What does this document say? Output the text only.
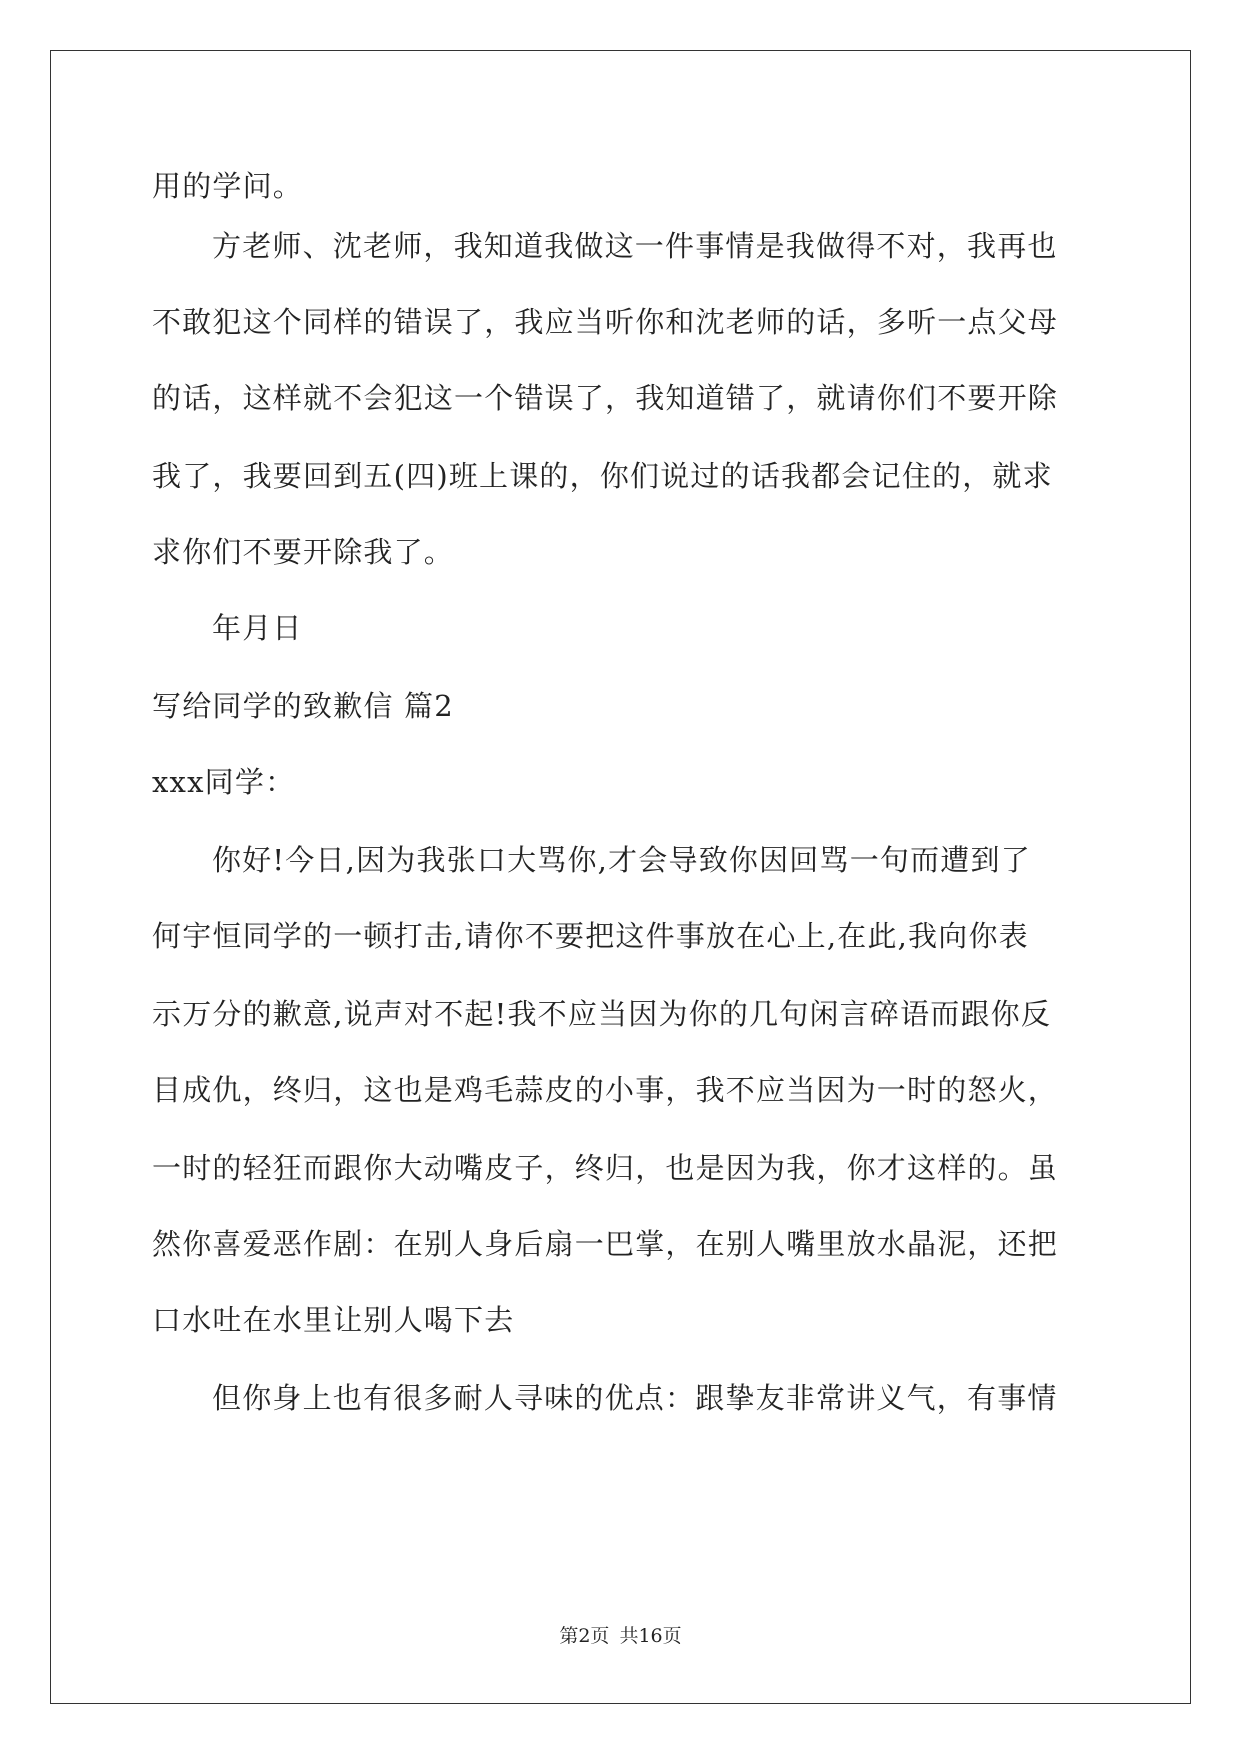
用的学问。
方老师、沈老师，我知道我做这一件事情是我做得不对，我再也
不敢犯这个同样的错误了，我应当听你和沈老师的话，多听一点父母
的话，这样就不会犯这一个错误了，我知道错了，就请你们不要开除
我了，我要回到五(四)班上课的，你们说过的话我都会记住的，就求
求你们不要开除我了。
年月日
写给同学的致歉信 篇2
xxx同学：
你好!今日,因为我张口大骂你,才会导致你因回骂一句而遭到了
何宇恒同学的一顿打击,请你不要把这件事放在心上,在此,我向你表
示万分的歉意,说声对不起!我不应当因为你的几句闲言碎语而跟你反
目成仇，终归，这也是鸡毛蒜皮的小事，我不应当因为一时的怒火，
一时的轻狂而跟你大动嘴皮子，终归，也是因为我，你才这样的。虽
然你喜爱恶作剧：在别人身后扇一巴掌，在别人嘴里放水晶泥，还把
口水吐在水里让别人喝下去
但你身上也有很多耐人寻味的优点：跟挚友非常讲义气，有事情
第2页 共16页
